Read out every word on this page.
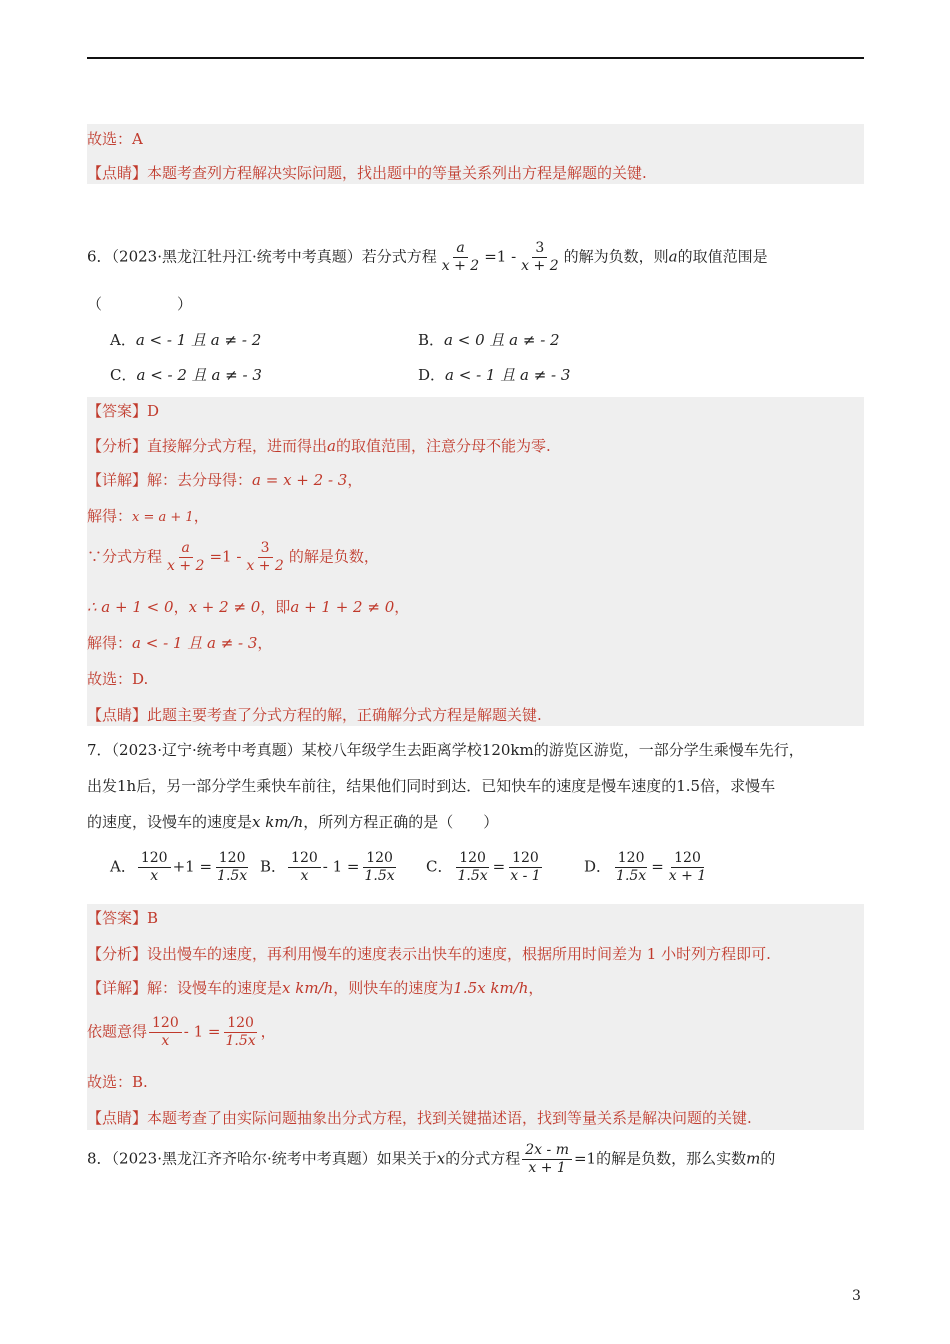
故选：A
【点睛】本题考查列方程解决实际问题，找出题中的等量关系列出方程是解题的关键.
6．（2023·黑龙江牡丹江·统考中考真题）若分式方程 $\frac{a}{x + 2} =1 - \frac{3}{x + 2}$ 的解为负数，则a的取值范围是
（　　　　　）
A．a < - 1 且 a ≠ - 2	B．a < 0 且 a ≠ - 2
C．a < - 2 且 a ≠ - 3	D．a < - 1 且 a ≠ - 3
【答案】D
【分析】直接解分式方程，进而得出a的取值范围，注意分母不能为零.
【详解】解：去分母得：a = x + 2 - 3，
解得：x = a + 1，
∵分式方程 $\frac{a}{x + 2} =1 - \frac{3}{x + 2}$ 的解是负数，
∴ a + 1 < 0，x + 2 ≠ 0，即a + 1 + 2 ≠ 0，
解得：a < - 1 且 a ≠ - 3，
故选：D.
【点睛】此题主要考查了分式方程的解，正确解分式方程是解题关键.
7．（2023·辽宁·统考中考真题）某校八年级学生去距离学校120km的游览区游览，一部分学生乘慢车先行，
出发1h后，另一部分学生乘快车前往，结果他们同时到达．已知快车的速度是慢车速度的1.5倍，求慢车
的速度，设慢车的速度是x km/h，所列方程正确的是（　　）
A． $\frac{120}{x} +1 = \frac{120}{1.5x}$ B． $\frac{120}{x} - 1 = \frac{120}{1.5x}$ C． $\frac{120}{1.5x} = \frac{120}{x - 1}$	D． $\frac{120}{1.5x} = \frac{120}{x + 1}$
【答案】B
【分析】设出慢车的速度，再利用慢车的速度表示出快车的速度，根据所用时间差为 1 小时列方程即可.
【详解】解：设慢车的速度是x km/h，则快车的速度为1.5x km/h，
依题意得 $\frac{120}{x} - 1 = \frac{120}{1.5x}$ ，
故选：B.
【点睛】本题考查了由实际问题抽象出分式方程，找到关键描述语，找到等量关系是解决问题的关键.
8．（2023·黑龙江齐齐哈尔·统考中考真题）如果关于x的分式方程 $\frac{2x - m}{x + 1} =1$的解是负数，那么实数m的
3
